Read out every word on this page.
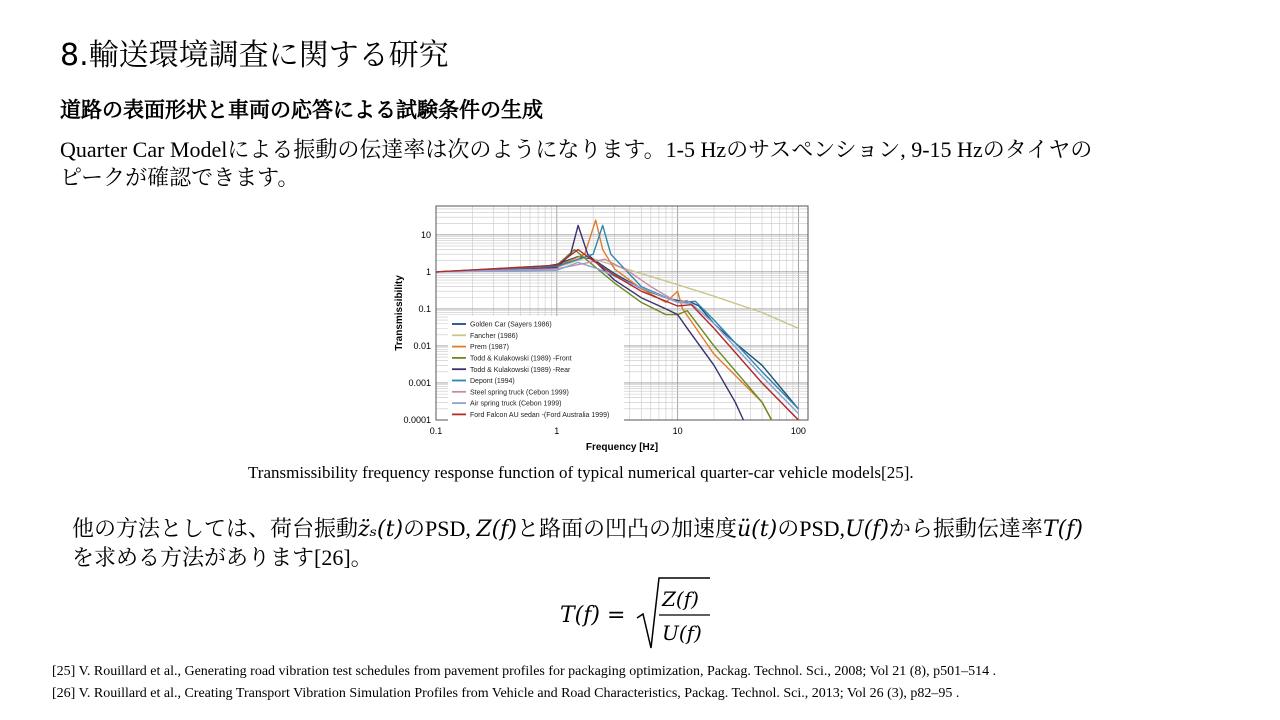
8.輸送環境調査に関する研究
道路の表面形状と車両の応答による試験条件の生成
Quarter Car Modelによる振動の伝達率は次のようになります。1-5 Hzのサスペンション, 9-15 Hzのタイヤの
ピークが確認できます。
0.1	1	10	100
0.0001
0.001
0.01
0.1
1
10
Frequency [Hz]
Transmissibility	Golden Car (Sayers 1986)
Fancher (1986)
Prem (1987)
Todd & Kulakowski (1989) -Front
Todd & Kulakowski (1989) -Rear
Depont (1994)
Steel spring truck (Cebon 1999)
Air spring truck (Cebon 1999)
Ford Falcon AU sedan -(Ford Australia 1999)
Transmissibility frequency response function of typical numerical quarter-car vehicle models[25].
他の方法としては、荷台振動z̈ₛ(t)のPSD, Z(f)と路面の凹凸の加速度ü(t)のPSD,U(f)から振動伝達率T(f)
を求める方法があります[26]。
T(f) =
Z(f)
U(f)
[25] V. Rouillard et al., Generating road vibration test schedules from pavement profiles for packaging optimization, Packag. Technol. Sci., 2008; Vol 21 (8), p501–514 .
[26] V. Rouillard et al., Creating Transport Vibration Simulation Profiles from Vehicle and Road Characteristics, Packag. Technol. Sci., 2013; Vol 26 (3), p82–95 .
